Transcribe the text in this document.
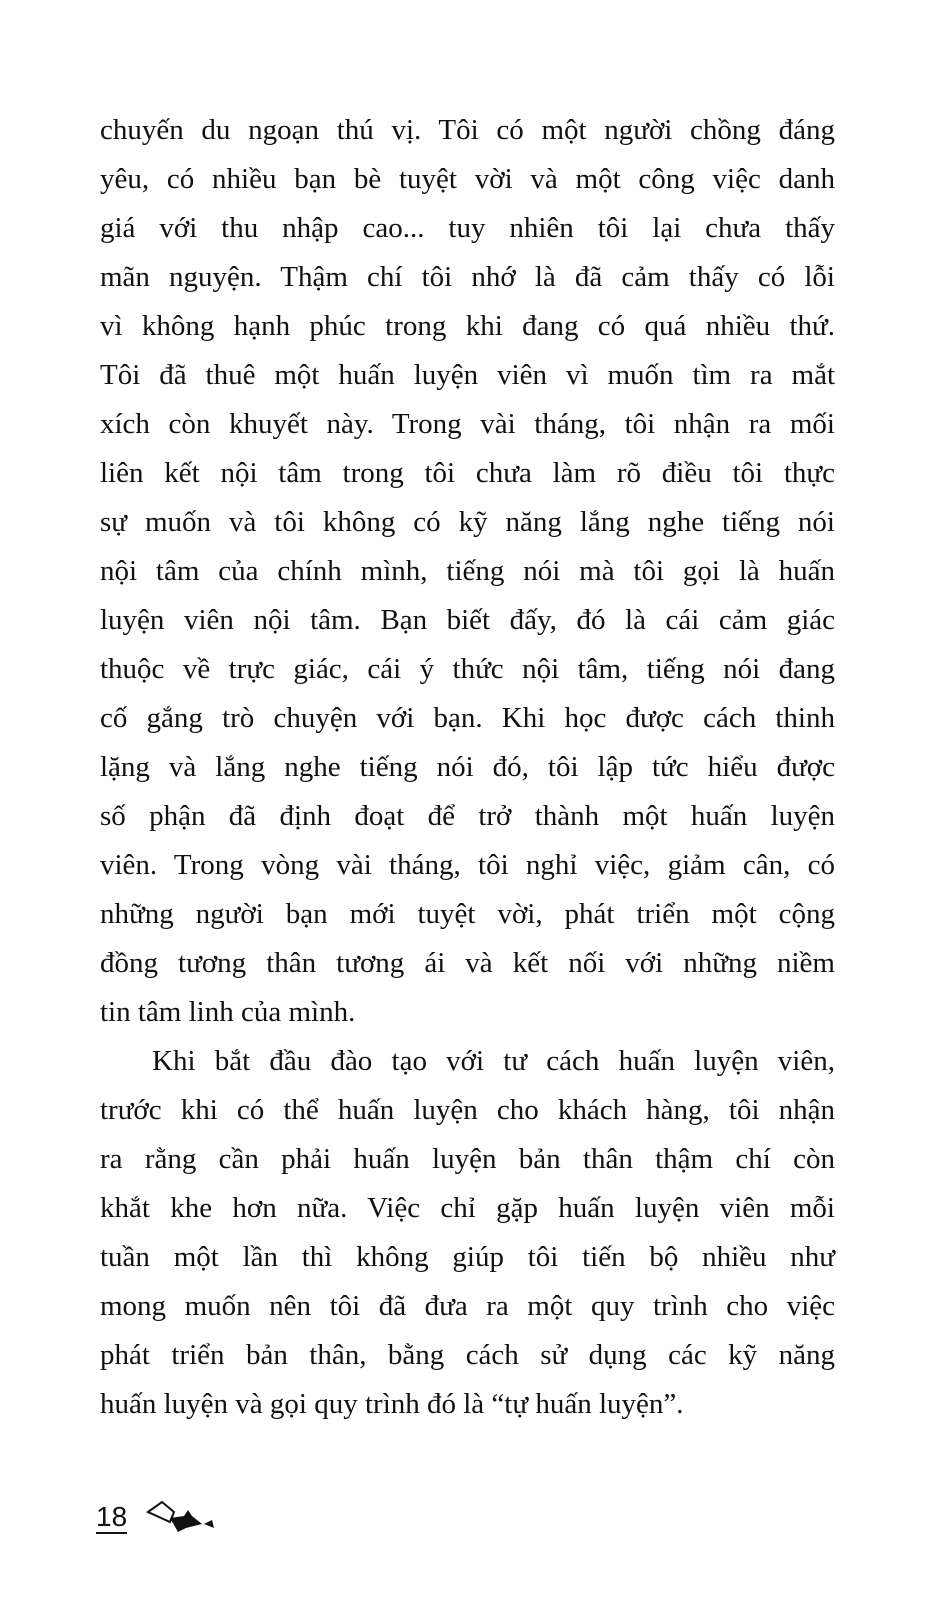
chuyến du ngoạn thú vị. Tôi có một người chồng đáng
yêu, có nhiều bạn bè tuyệt vời và một công việc danh
giá với thu nhập cao... tuy nhiên tôi lại chưa thấy
mãn nguyện. Thậm chí tôi nhớ là đã cảm thấy có lỗi
vì không hạnh phúc trong khi đang có quá nhiều thứ.
Tôi đã thuê một huấn luyện viên vì muốn tìm ra mắt
xích còn khuyết này. Trong vài tháng, tôi nhận ra mối
liên kết nội tâm trong tôi chưa làm rõ điều tôi thực
sự muốn và tôi không có kỹ năng lắng nghe tiếng nói
nội tâm của chính mình, tiếng nói mà tôi gọi là huấn
luyện viên nội tâm. Bạn biết đấy, đó là cái cảm giác
thuộc về trực giác, cái ý thức nội tâm, tiếng nói đang
cố gắng trò chuyện với bạn. Khi học được cách thinh
lặng và lắng nghe tiếng nói đó, tôi lập tức hiểu được
số phận đã định đoạt để trở thành một huấn luyện
viên. Trong vòng vài tháng, tôi nghỉ việc, giảm cân, có
những người bạn mới tuyệt vời, phát triển một cộng
đồng tương thân tương ái và kết nối với những niềm
tin tâm linh của mình.
Khi bắt đầu đào tạo với tư cách huấn luyện viên,
trước khi có thể huấn luyện cho khách hàng, tôi nhận
ra rằng cần phải huấn luyện bản thân thậm chí còn
khắt khe hơn nữa. Việc chỉ gặp huấn luyện viên mỗi
tuần một lần thì không giúp tôi tiến bộ nhiều như
mong muốn nên tôi đã đưa ra một quy trình cho việc
phát triển bản thân, bằng cách sử dụng các kỹ năng
huấn luyện và gọi quy trình đó là “tự huấn luyện”.
18
